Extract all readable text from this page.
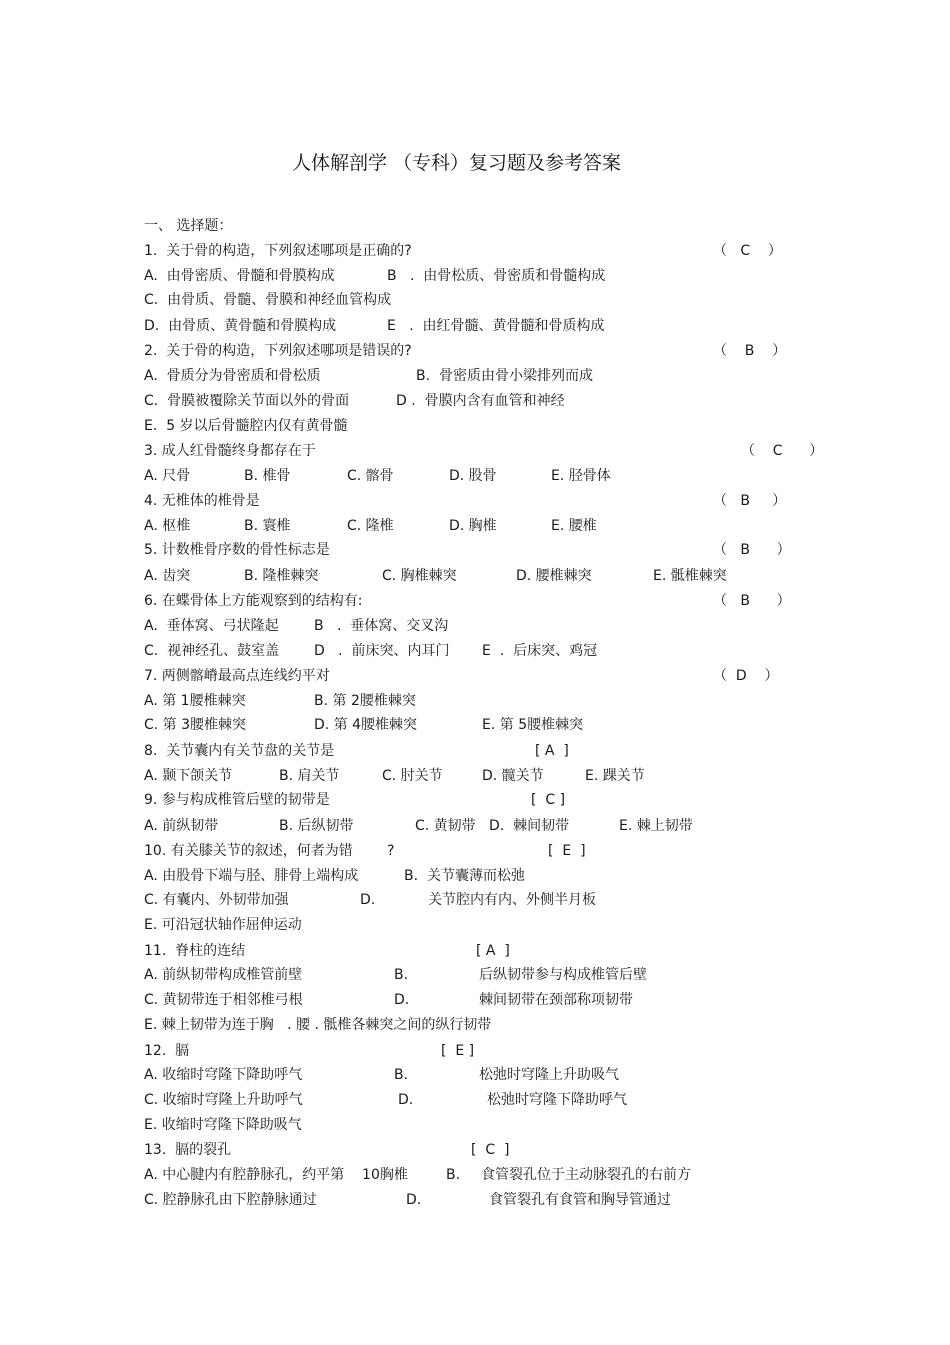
人体解剖学 （专科）复习题及参考答案
一、 选择题：
1.  关于骨的构造，下列叙述哪项是正确的?	（   C    ）
A.  由骨密质、骨髓和骨膜构成	B   .  由骨松质、骨密质和骨髓构成
C.  由骨质、骨髓、骨膜和神经血管构成
D.  由骨质、黄骨髓和骨膜构成	E   .  由红骨髓、黄骨髓和骨质构成
2.  关于骨的构造，下列叙述哪项是错误的?	（    B    ）
A.  骨质分为骨密质和骨松质	B.  骨密质由骨小梁排列而成
C.  骨膜被覆除关节面以外的骨面	D .  骨膜内含有血管和神经
E.  5 岁以后骨髓腔内仅有黄骨髓
3. 成人红骨髓终身都存在于	（    C      ）
A. 尺骨	B. 椎骨	C. 髂骨	D. 股骨	E. 胫骨体
4. 无椎体的椎骨是	（   B     ）
A. 枢椎	B. 寰椎	C. 隆椎	D. 胸椎	E. 腰椎
5. 计数椎骨序数的骨性标志是	（   B      ）
A. 齿突	B. 隆椎棘突	C. 胸椎棘突	D. 腰椎棘突	E. 骶椎棘突
6. 在蝶骨体上方能观察到的结构有:	（   B      ）
A.  垂体窝、弓状隆起	B   .  垂体窝、交叉沟
C.  视神经孔、鼓室盖 D   .  前床突、内耳门 E  .  后床突、鸡冠
7. 两侧髂嵴最高点连线约平对	（  D    ）
A. 第 1腰椎棘突	B. 第 2腰椎棘突
C. 第 3腰椎棘突	D. 第 4腰椎棘突	E. 第 5腰椎棘突
8.  关节囊内有关节盘的关节是	[ A  ]
A. 颞下颌关节	B. 肩关节	C. 肘关节	D. 髋关节	E. 踝关节
9. 参与构成椎管后壁的韧带是	[  C ]
A. 前纵韧带	B. 后纵韧带	C. 黄韧带 D.  棘间韧带	E. 棘上韧带
10. 有关膝关节的叙述，何者为错 ?	[  E  ]
A. 由股骨下端与胫、腓骨上端构成	B.  关节囊薄而松弛
C. 有囊内、外韧带加强	D.	关节腔内有内、外侧半月板
E. 可沿冠状轴作屈伸运动
11.  脊柱的连结	[ A  ]
A. 前纵韧带构成椎管前壁	B.	后纵韧带参与构成椎管后壁
C. 黄韧带连于相邻椎弓根	D.	棘间韧带在颈部称项韧带
E. 棘上韧带为连于胸   . 腰 . 骶椎各棘突之间的纵行韧带
12.  膈	[  E ]
A. 收缩时穹隆下降助呼气	B.	松弛时穹隆上升助吸气
C. 收缩时穹隆上升助呼气	D.	松弛时穹隆下降助呼气
E. 收缩时穹隆下降助吸气
13.  膈的裂孔	[  C  ]
A. 中心腱内有腔静脉孔，约平第    10胸椎	B. 食管裂孔位于主动脉裂孔的右前方
C. 腔静脉孔由下腔静脉通过	D.	食管裂孔有食管和胸导管通过
